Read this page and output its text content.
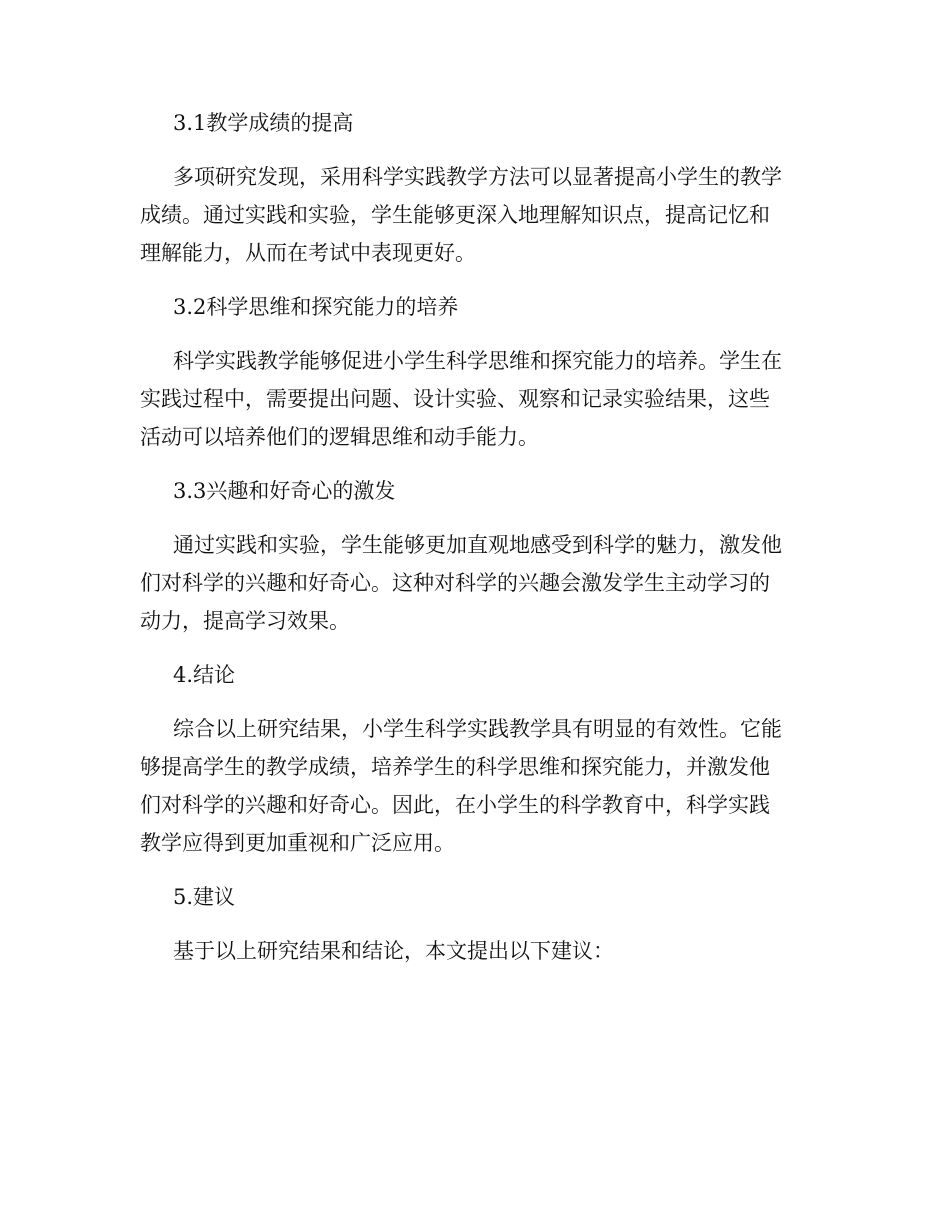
3.1教学成绩的提高
多项研究发现，采用科学实践教学方法可以显著提高小学生的教学
成绩。通过实践和实验，学生能够更深入地理解知识点，提高记忆和
理解能力，从而在考试中表现更好。
3.2科学思维和探究能力的培养
科学实践教学能够促进小学生科学思维和探究能力的培养。学生在
实践过程中，需要提出问题、设计实验、观察和记录实验结果，这些
活动可以培养他们的逻辑思维和动手能力。
3.3兴趣和好奇心的激发
通过实践和实验，学生能够更加直观地感受到科学的魅力，激发他
们对科学的兴趣和好奇心。这种对科学的兴趣会激发学生主动学习的
动力，提高学习效果。
4.结论
综合以上研究结果，小学生科学实践教学具有明显的有效性。它能
够提高学生的教学成绩，培养学生的科学思维和探究能力，并激发他
们对科学的兴趣和好奇心。因此，在小学生的科学教育中，科学实践
教学应得到更加重视和广泛应用。
5.建议
基于以上研究结果和结论，本文提出以下建议：
